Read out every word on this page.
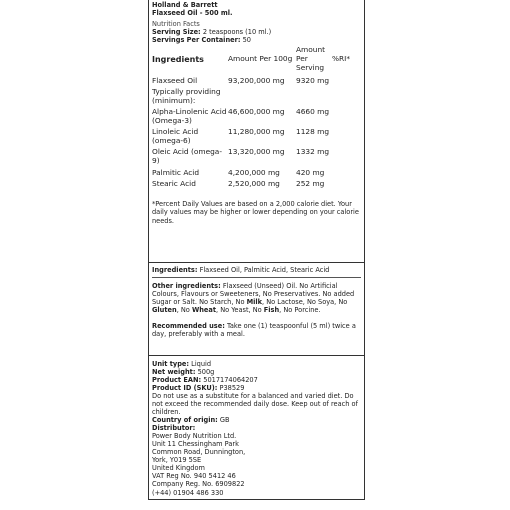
Holland & Barrett
Flaxseed Oil - 500 ml.
Nutrition Facts
Serving Size: 2 teaspoons (10 ml.)
Servings Per Container: 50
Ingredients	Amount Per 100g	Amount Per Serving	%RI*
Flaxseed Oil	93,200,000 mg	9320 mg	
Typically providing (minimum):			
Alpha-Linolenic Acid (Omega-3)	46,600,000 mg	4660 mg	
Linoleic Acid (omega-6)	11,280,000 mg	1128 mg	
Oleic Acid (omega-9)	13,320,000 mg	1332 mg	
Palmitic Acid	4,200,000 mg	420 mg	
Stearic Acid	2,520,000 mg	252 mg	
*Percent Daily Values are based on a 2,000 calorie diet. Your daily values may be higher or lower depending on your calorie needs.

Ingredients: Flaxseed Oil, Palmitic Acid, Stearic Acid

Other ingredients: Flaxseed (Unseed) Oil. No Artificial Colours, Flavours or Sweeteners, No Preservatives. No added Sugar or Salt. No Starch, No Milk, No Lactose, No Soya, No Gluten, No Wheat, No Yeast, No Fish, No Porcine.

Recommended use: Take one (1) teaspoonful (5 ml) twice a day, preferably with a meal.

Unit type: Liquid

Net weight: 500g

Product EAN: 5017174064207

Product ID (SKU): P38529

Do not use as a substitute for a balanced and varied diet. Do not exceed the recommended daily dose. Keep out of reach of children.

Country of origin: GB

Distributor:

Power Body Nutrition Ltd.

Unit 11 Chessingham Park

Common Road, Dunnington,

York, Y019 5SE

United Kingdom

VAT Reg No. 940 5412 46

Company Reg. No. 6909822

(+44) 01904 486 330
